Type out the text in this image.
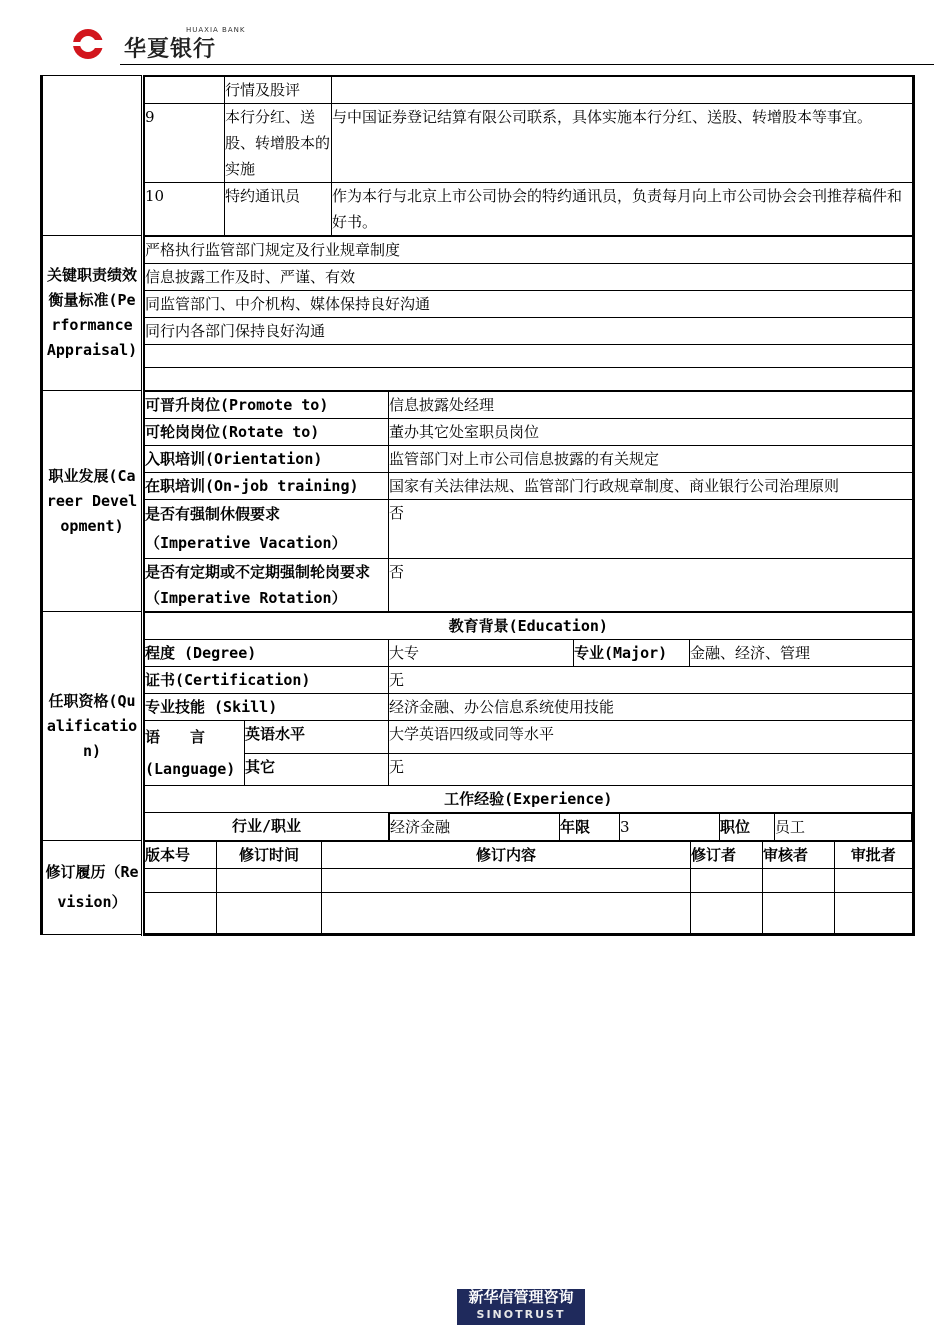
HUAXIA BANK
华夏银行

	行情及股评	
9	本行分红、送股、转增股本的实施	与中国证券登记结算有限公司联系，具体实施本行分红、送股、转增股本等事宜。
10	特约通讯员	作为本行与北京上市公司协会的特约通讯员，负责每月向上市公司协会会刊推荐稿件和好书。

关键职责绩效衡量标准(Performance Appraisal)	
严格执行监管部门规定及行业规章制度
信息披露工作及时、严谨、有效
同监管部门、中介机构、媒体保持良好沟通
同行内各部门保持良好沟通

职业发展(Career Development)	
可晋升岗位(Promote to)	信息披露处经理
可轮岗岗位(Rotate to)	董办其它处室职员岗位
入职培训(Orientation)	监管部门对上市公司信息披露的有关规定
在职培训(On-job training)	国家有关法律法规、监管部门行政规章制度、商业银行公司治理原则
是否有强制休假要求 （Imperative Vacation）	否
是否有定期或不定期强制轮岗要求（Imperative Rotation）	否

任职资格(Qualification)	
教育背景(Education)
程度 (Degree)	大专	专业(Major)	金融、经济、管理
证书(Certification)	无
专业技能 (Skill)	经济金融、办公信息系统使用技能
语　　言(Language)	英语水平	大学英语四级或同等水平
其它	无
工作经验(Experience)
行业/职业		经济金融	年限	3	职位	员工

修订履历（Revision）	
版本号	修订时间	修订内容	修订者	审核者	审批者

新华信管理咨询
SINOTRUST
